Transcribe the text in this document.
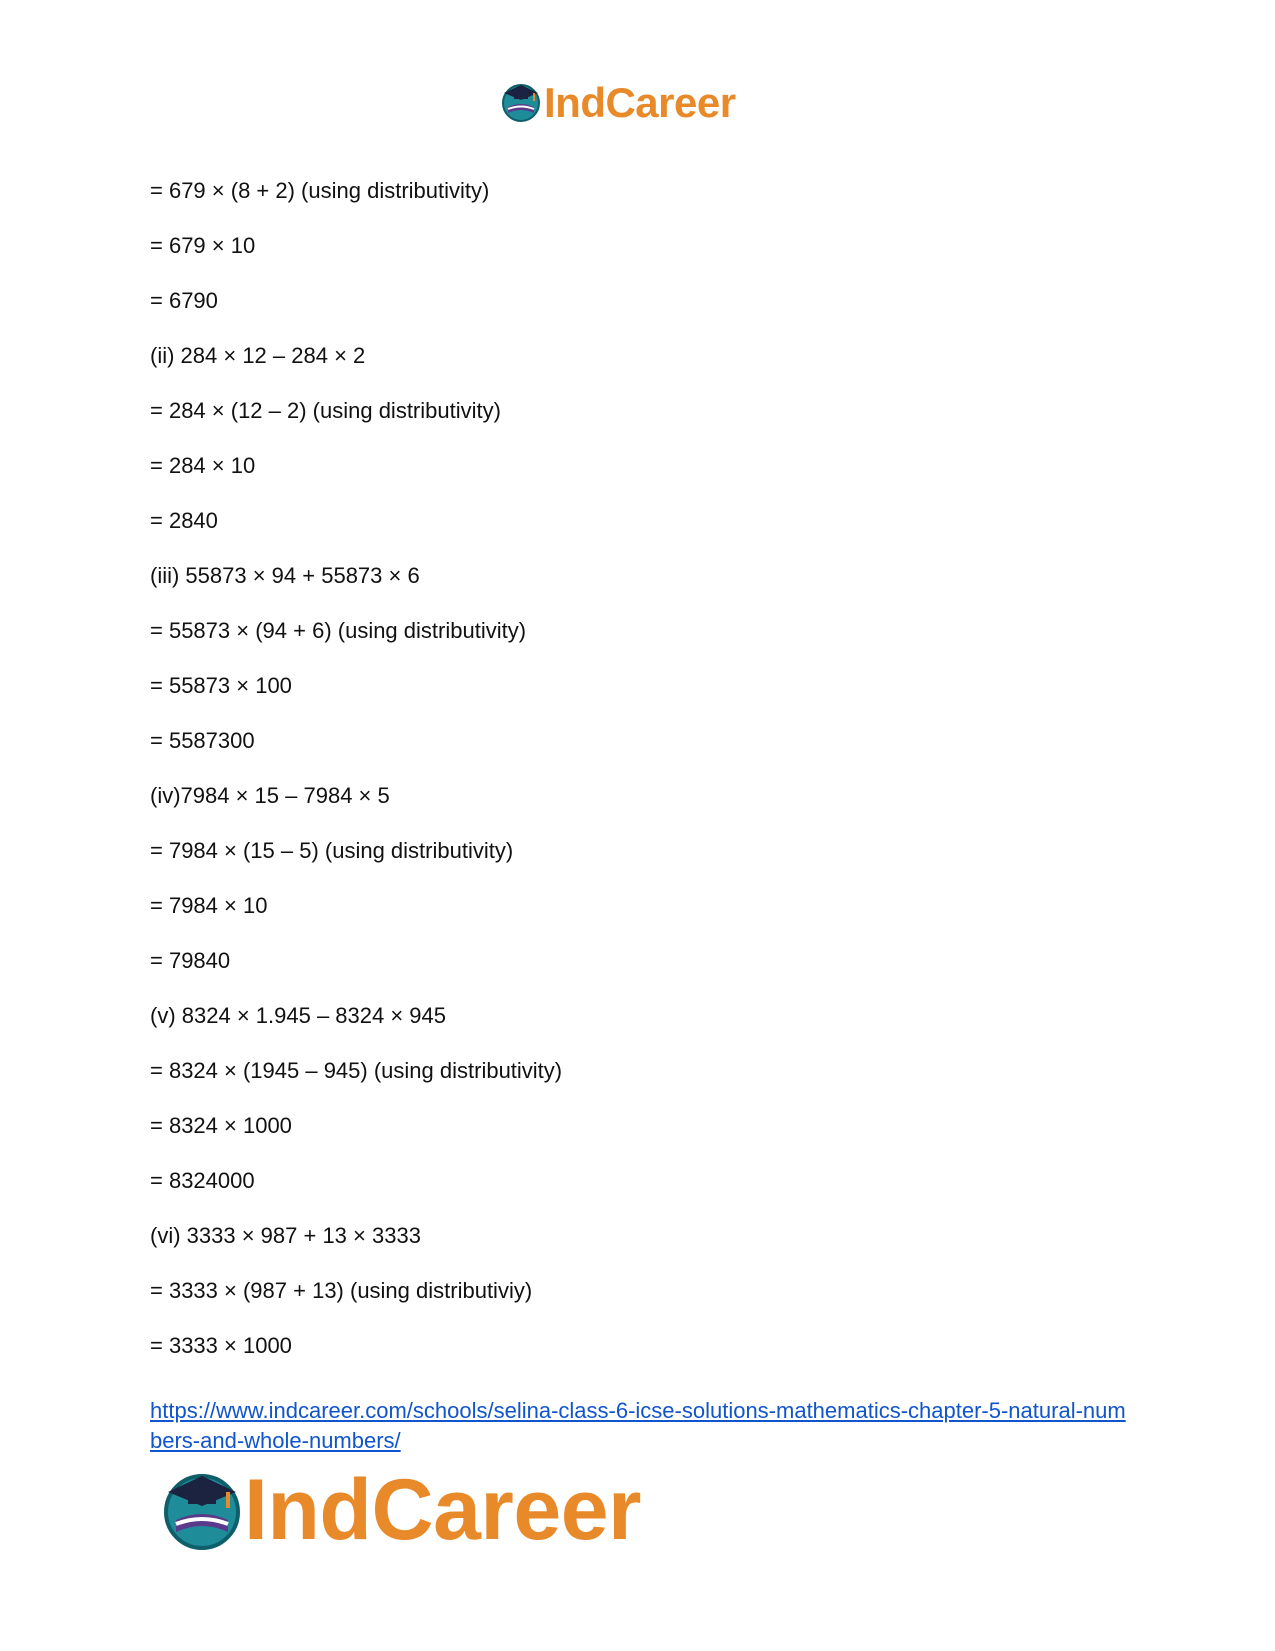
IndCareer
= 679 × (8 + 2) (using distributivity)
= 679 × 10
= 6790
(ii) 284 × 12 – 284 × 2
= 284 × (12 – 2) (using distributivity)
= 284 × 10
= 2840
(iii) 55873 × 94 + 55873 × 6
= 55873 × (94 + 6) (using distributivity)
= 55873 × 100
= 5587300
(iv)7984 × 15 – 7984 × 5
= 7984 × (15 – 5) (using distributivity)
= 7984 × 10
= 79840
(v) 8324 × 1.945 – 8324 × 945
= 8324 × (1945 – 945) (using distributivity)
= 8324 × 1000
= 8324000
(vi) 3333 × 987 + 13 × 3333
= 3333 × (987 + 13) (using distributiviy)
= 3333 × 1000
https://www.indcareer.com/schools/selina-class-6-icse-solutions-mathematics-chapter-5-natural-numbers-and-whole-numbers/
IndCareer
